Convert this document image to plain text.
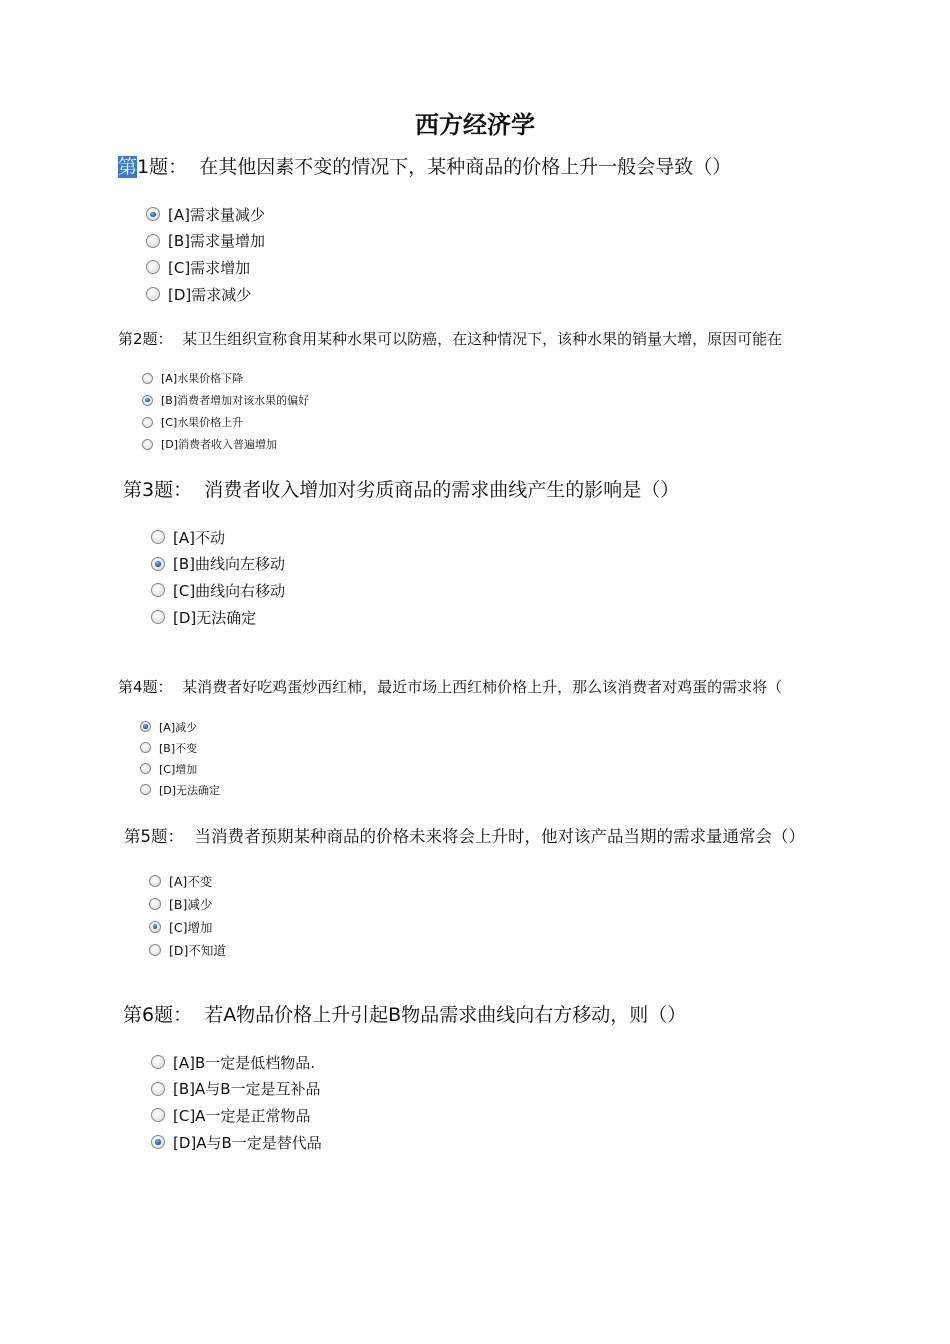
西方经济学

第1题： 在其他因素不变的情况下，某种商品的价格上升一般会导致（）

[A]需求量减少
[B]需求量增加
[C]需求增加
[D]需求减少

第2题： 某卫生组织宣称食用某种水果可以防癌，在这种情况下，该种水果的销量大增，原因可能在

[A]水果价格下降
[B]消费者增加对该水果的偏好
[C]水果价格上升
[D]消费者收入普遍增加

第3题： 消费者收入增加对劣质商品的需求曲线产生的影响是（）

[A]不动
[B]曲线向左移动
[C]曲线向右移动
[D]无法确定

第4题： 某消费者好吃鸡蛋炒西红柿，最近市场上西红柿价格上升，那么该消费者对鸡蛋的需求将（

[A]减少
[B]不变
[C]增加
[D]无法确定

第5题： 当消费者预期某种商品的价格未来将会上升时，他对该产品当期的需求量通常会（）

[A]不变
[B]减少
[C]增加
[D]不知道

第6题： 若A物品价格上升引起B物品需求曲线向右方移动，则（）

[A]B一定是低档物品.
[B]A与B一定是互补品
[C]A一定是正常物品
[D]A与B一定是替代品
